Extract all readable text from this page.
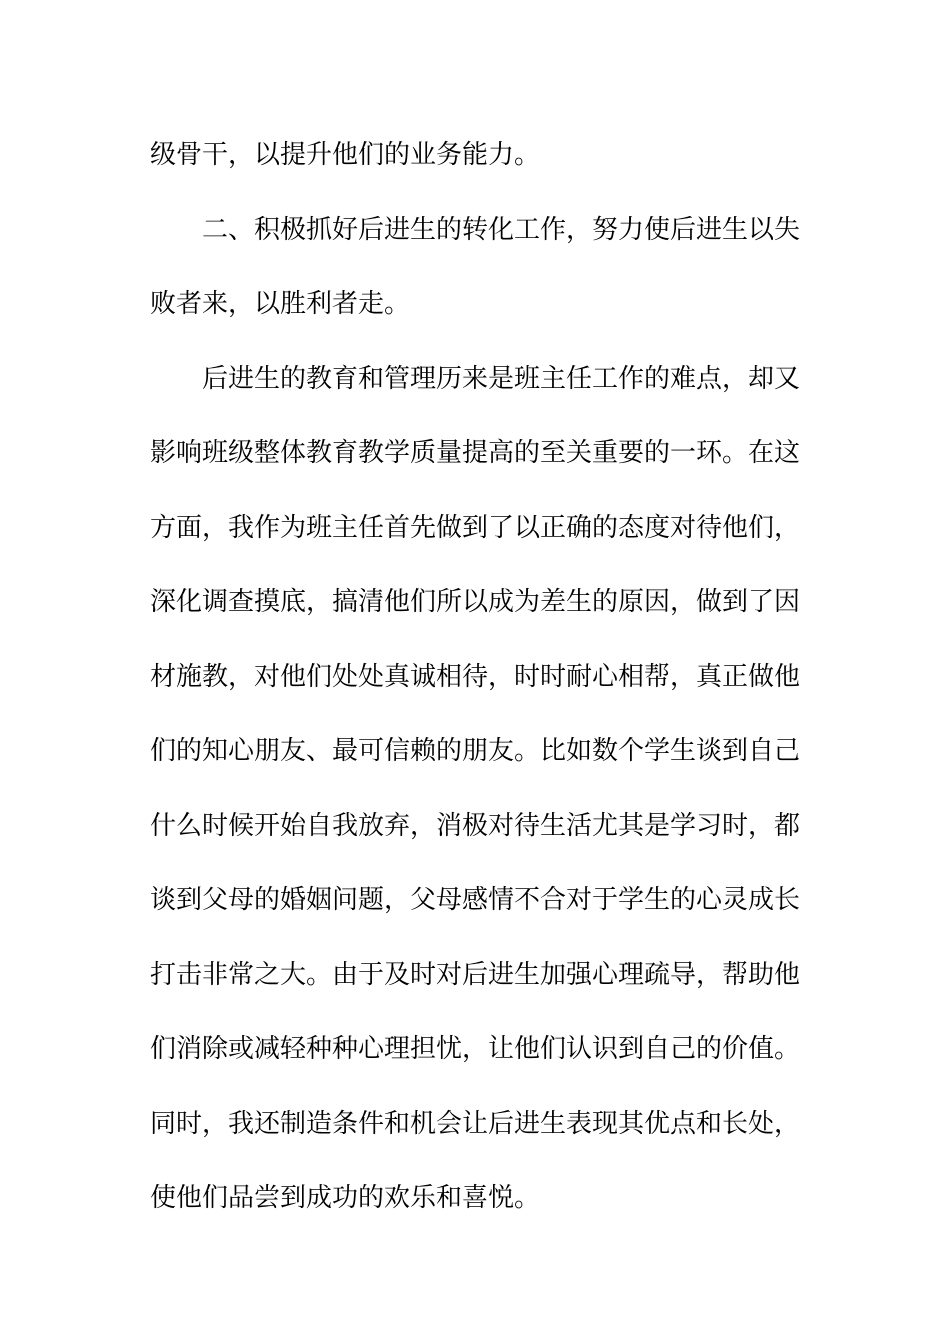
级骨干，以提升他们的业务能力。
二、积极抓好后进生的转化工作，努力使后进生以失
败者来，以胜利者走。
后进生的教育和管理历来是班主任工作的难点，却又
影响班级整体教育教学质量提高的至关重要的一环。在这
方面，我作为班主任首先做到了以正确的态度对待他们，
深化调查摸底，搞清他们所以成为差生的原因，做到了因
材施教，对他们处处真诚相待，时时耐心相帮，真正做他
们的知心朋友、最可信赖的朋友。比如数个学生谈到自己
什么时候开始自我放弃，消极对待生活尤其是学习时，都
谈到父母的婚姻问题，父母感情不合对于学生的心灵成长
打击非常之大。由于及时对后进生加强心理疏导，帮助他
们消除或减轻种种心理担忧，让他们认识到自己的价值。
同时，我还制造条件和机会让后进生表现其优点和长处，
使他们品尝到成功的欢乐和喜悦。
